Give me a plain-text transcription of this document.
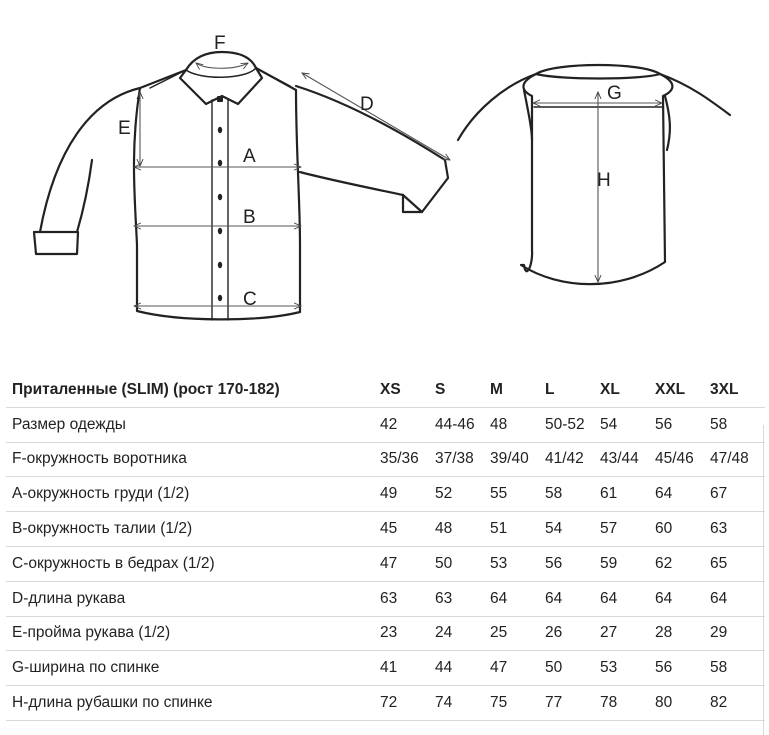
A
B
C
D
E
F
G
H
Приталенные (SLIM) (рост 170-182)	XS	S	M	L	XL	XXL	3XL
Размер одежды	42	44-46	48	50-52	54	56	58
F-окружность воротника	35/36	37/38	39/40	41/42	43/44	45/46	47/48
A-окружность груди (1/2)	49	52	55	58	61	64	67
B-окружность талии (1/2)	45	48	51	54	57	60	63
C-окружность в бедрах (1/2)	47	50	53	56	59	62	65
D-длина рукава	63	63	64	64	64	64	64
E-пройма рукава (1/2)	23	24	25	26	27	28	29
G-ширина по спинке	41	44	47	50	53	56	58
H-длина рубашки по спинке	72	74	75	77	78	80	82
